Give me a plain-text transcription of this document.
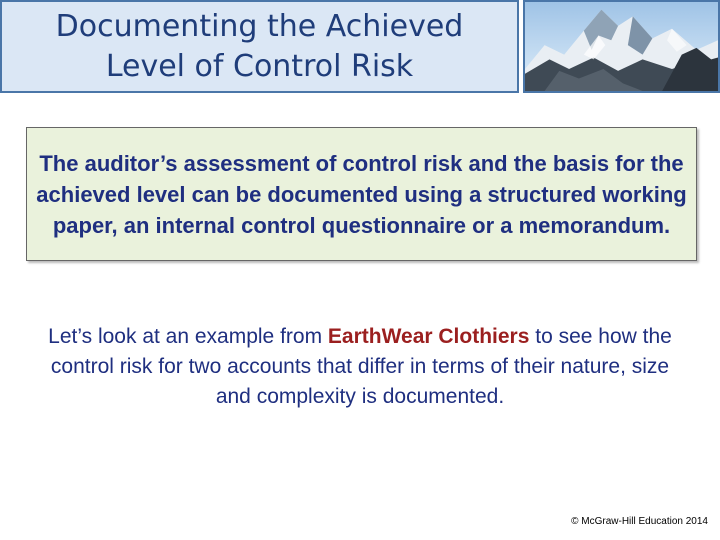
Documenting the Achieved
Level of Control Risk

The auditor’s assessment of control risk and the basis for the achieved level can be documented using a structured working paper, an internal control questionnaire or a memorandum.

Let’s look at an example from EarthWear Clothiers to see how the control risk for two accounts that differ in terms of their nature, size and complexity is documented.

© McGraw-Hill Education 2014
